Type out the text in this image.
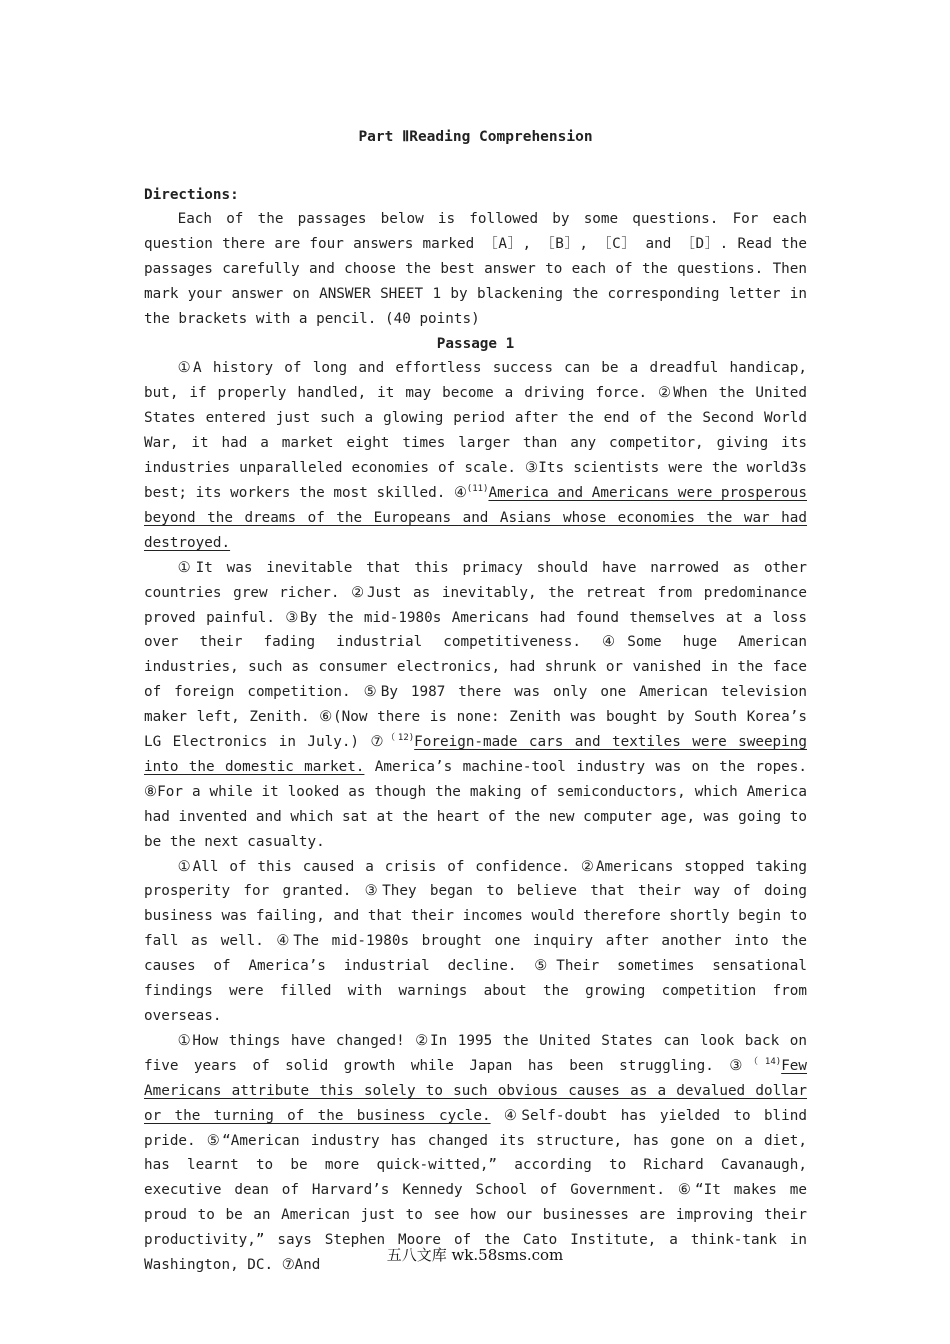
Part ⅡReading Comprehension
Directions:

Each of the passages below is followed by some questions. For each question there are four answers marked ［A］, ［B］, ［C］ and ［D］. Read the passages carefully and choose the best answer to each of the questions. Then mark your answer on ANSWER SHEET 1 by blackening the corresponding letter in the brackets with a pencil. (40 points)

Passage 1

①A history of long and effortless success can be a dreadful handicap, but, if properly handled, it may become a driving force. ②When the United States entered just such a glowing period after the end of the Second World War, it had a market eight times larger than any competitor, giving its industries unparalleled economies of scale. ③Its scientists were the world3s best; its workers the most skilled. ④$^{(11)}$America and Americans were prosperous beyond the dreams of the Europeans and Asians whose economies the war had destroyed.

①It was inevitable that this primacy should have narrowed as other countries grew richer. ②Just as inevitably, the retreat from predominance proved painful. ③By the mid-1980s Americans had found themselves at a loss over their fading industrial competitiveness. ④Some huge American industries, such as consumer electronics, had shrunk or vanished in the face of foreign competition. ⑤By 1987 there was only one American television maker left, Zenith. ⑥(Now there is none: Zenith was bought by South Korea’s LG Electronics in July.) ⑦$^{(12)}$Foreign-made cars and textiles were sweeping into the domestic market. America’s machine-tool industry was on the ropes. ⑧For a while it looked as though the making of semiconductors, which America had invented and which sat at the heart of the new computer age, was going to be the next casualty.

①All of this caused a crisis of confidence. ②Americans stopped taking prosperity for granted. ③They began to believe that their way of doing business was failing, and that their incomes would therefore shortly begin to fall as well. ④The mid-1980s brought one inquiry after another into the causes of America’s industrial decline. ⑤Their sometimes sensational findings were filled with warnings about the growing competition from overseas.

①How things have changed! ②In 1995 the United States can look back on five years of solid growth while Japan has been struggling. ③$^{(14)}$Few Americans attribute this solely to such obvious causes as a devalued dollar or the turning of the business cycle. ④Self-doubt has yielded to blind pride. ⑤“American industry has changed its structure, has gone on a diet, has learnt to be more quick-witted,” according to Richard Cavanaugh, executive dean of Harvard’s Kennedy School of Government. ⑥“It makes me proud to be an American just to see how our businesses are improving their productivity,” says Stephen Moore of the Cato Institute, a think-tank in Washington, DC. ⑦And

五八文库 wk.58sms.com
